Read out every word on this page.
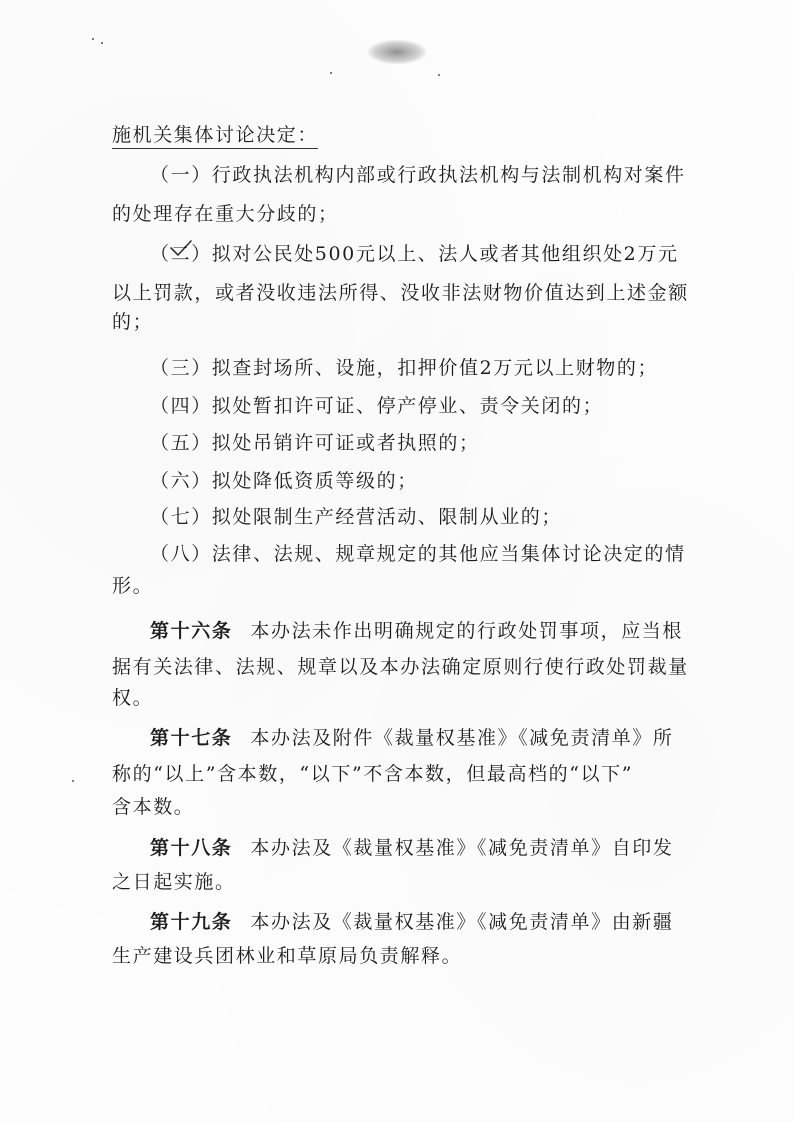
施机关集体讨论决定：
（一）行政执法机构内部或行政执法机构与法制机构对案件
的处理存在重大分歧的；
（二）拟对公民处500元以上、法人或者其他组织处2万元
以上罚款，或者没收违法所得、没收非法财物价值达到上述金额
的；
（三）拟查封场所、设施，扣押价值2万元以上财物的；
（四）拟处暂扣许可证、停产停业、责令关闭的；
（五）拟处吊销许可证或者执照的；
（六）拟处降低资质等级的；
（七）拟处限制生产经营活动、限制从业的；
（八）法律、法规、规章规定的其他应当集体讨论决定的情
形。
第十六条 本办法未作出明确规定的行政处罚事项，应当根
据有关法律、法规、规章以及本办法确定原则行使行政处罚裁量
权。
第十七条 本办法及附件《裁量权基准》《减免责清单》所
称的“以上”含本数，“以下”不含本数，但最高档的“以下”
含本数。
第十八条 本办法及《裁量权基准》《减免责清单》自印发
之日起实施。
第十九条 本办法及《裁量权基准》《减免责清单》由新疆
生产建设兵团林业和草原局负责解释。
